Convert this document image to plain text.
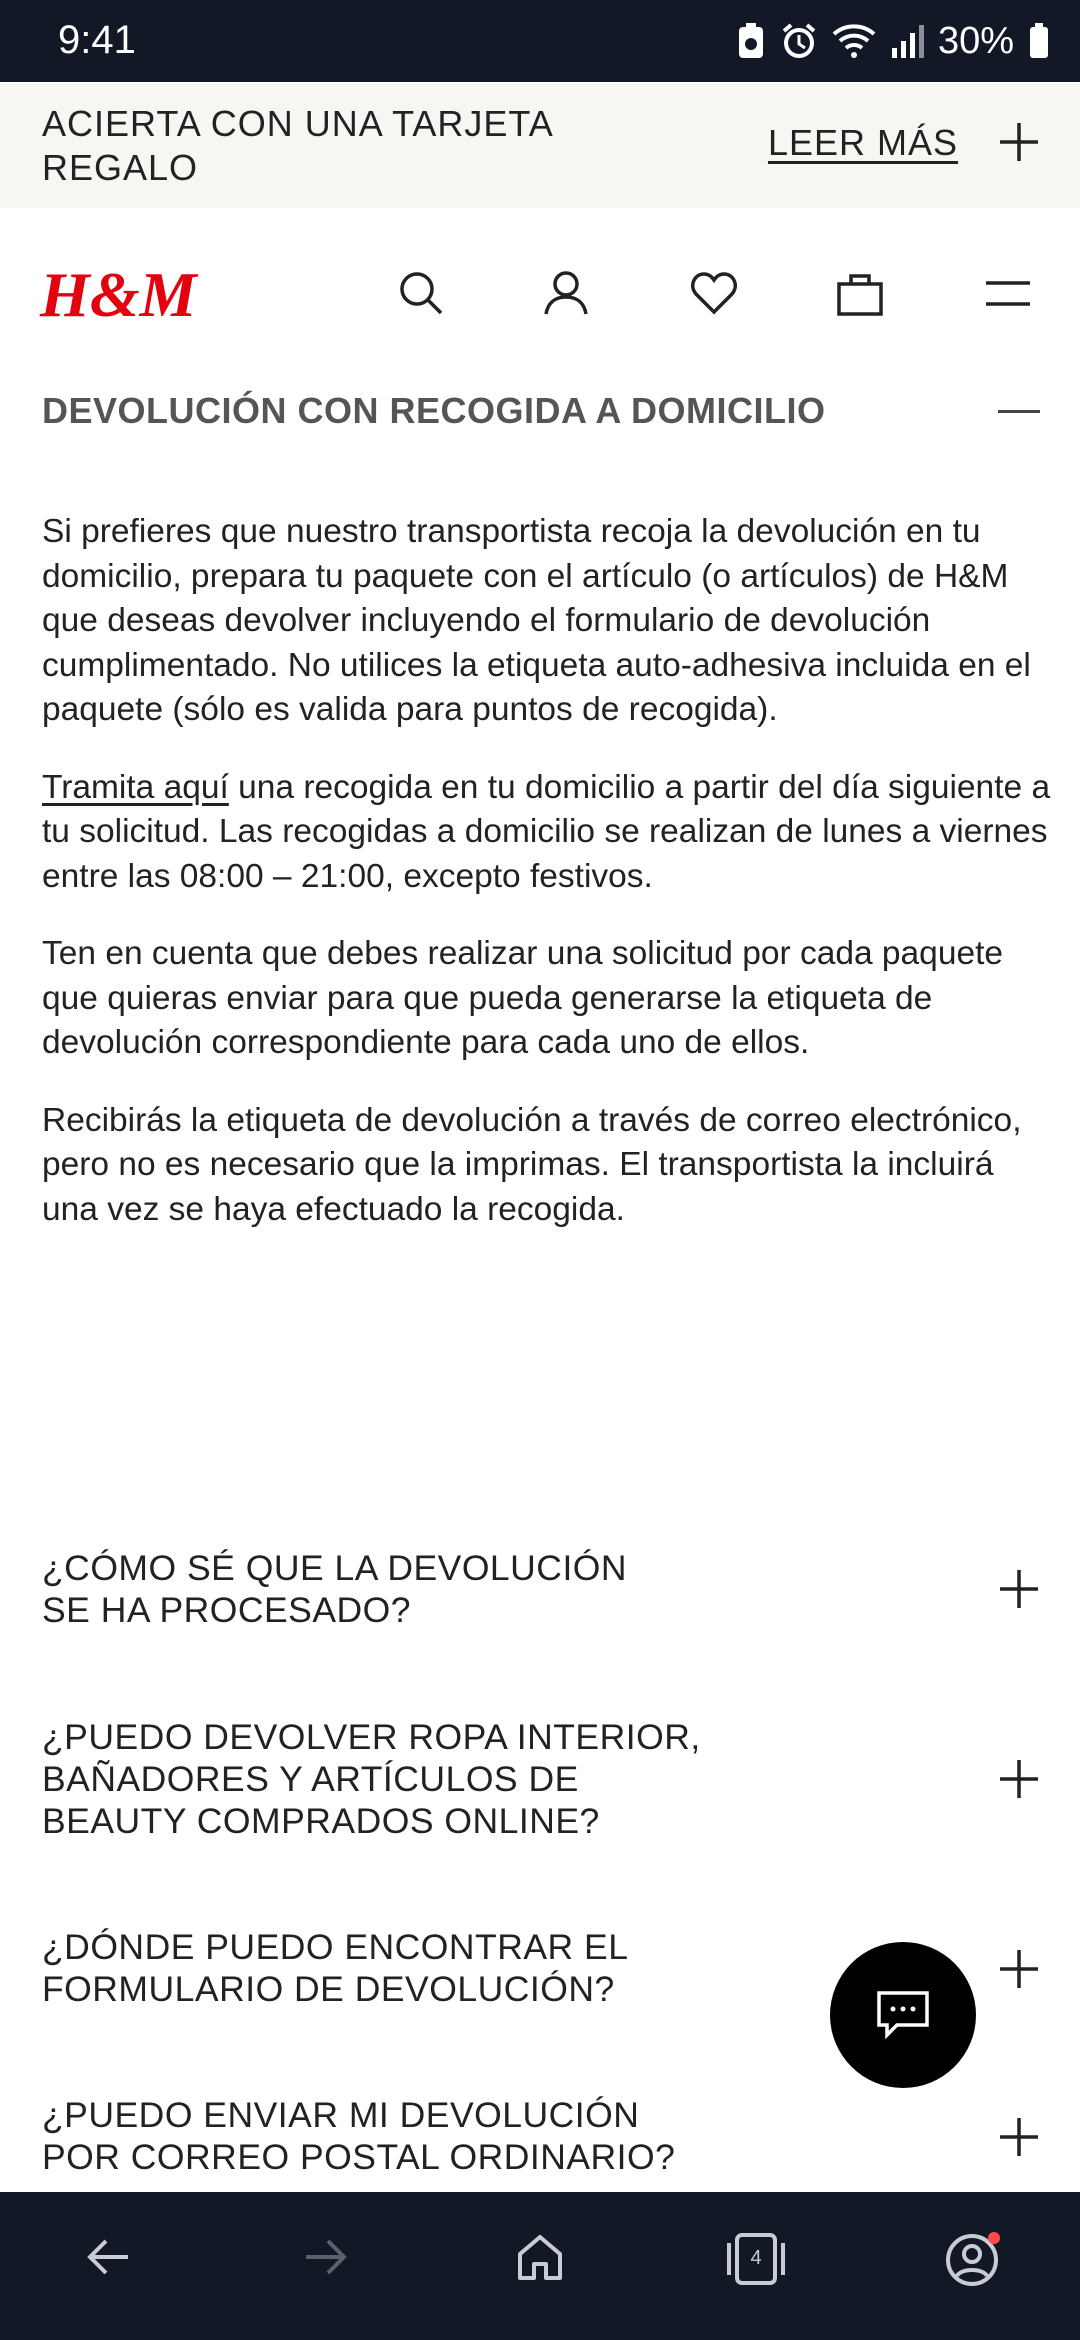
9:41	30%
ACIERTA CON UNA TARJETA REGALO
LEER MÁS
H&M
DEVOLUCIÓN CON RECOGIDA A DOMICILIO

Si prefieres que nuestro transportista recoja la devolución en tu domicilio, prepara tu paquete con el artículo (o artículos) de H&M que deseas devolver incluyendo el formulario de devolución cumplimentado. No utilices la etiqueta auto-adhesiva incluida en el paquete (sólo es valida para puntos de recogida).

Tramita aquí una recogida en tu domicilio a partir del día siguiente a tu solicitud. Las recogidas a domicilio se realizan de lunes a viernes entre las 08:00 – 21:00, excepto festivos.

Ten en cuenta que debes realizar una solicitud por cada paquete que quieras enviar para que pueda generarse la etiqueta de devolución correspondiente para cada uno de ellos.

Recibirás la etiqueta de devolución a través de correo electrónico, pero no es necesario que la imprimas. El transportista la incluirá una vez se haya efectuado la recogida.

¿CÓMO SÉ QUE LA DEVOLUCIÓN
SE HA PROCESADO?
¿PUEDO DEVOLVER ROPA INTERIOR,
BAÑADORES Y ARTÍCULOS DE
BEAUTY COMPRADOS ONLINE?
¿DÓNDE PUEDO ENCONTRAR EL
FORMULARIO DE DEVOLUCIÓN?
¿PUEDO ENVIAR MI DEVOLUCIÓN
POR CORREO POSTAL ORDINARIO?
4
